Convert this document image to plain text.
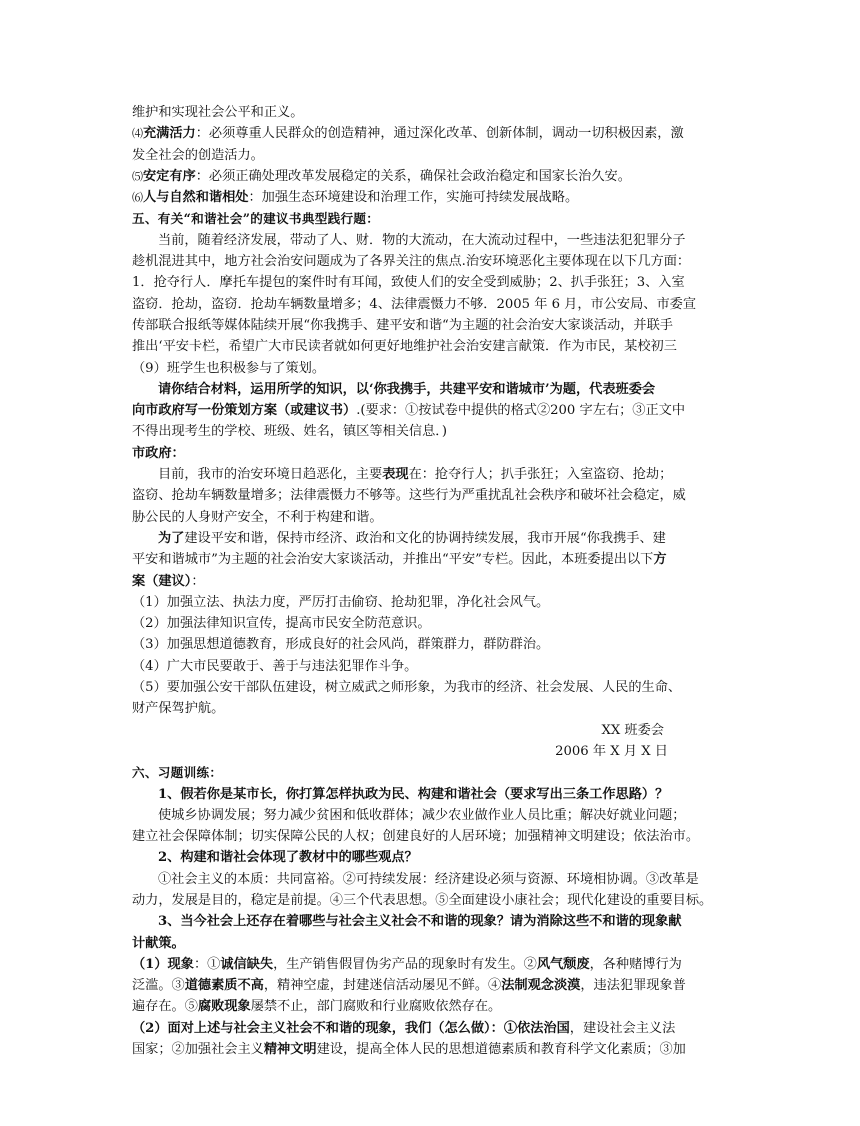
维护和实现社会公平和正义。
⑷充满活力：必须尊重人民群众的创造精神，通过深化改革、创新体制，调动一切积极因素，激
发全社会的创造活力。
⑸安定有序：必须正确处理改革发展稳定的关系，确保社会政治稳定和国家长治久安。
⑹人与自然和谐相处：加强生态环境建设和治理工作，实施可持续发展战略。
五、有关“和谐社会”的建议书典型践行题：
当前，随着经济发展，带动了人、财．物的大流动，在大流动过程中，一些违法犯犯罪分子
趁机混进其中，地方社会治安问题成为了各界关注的焦点.治安环境恶化主要体现在以下几方面：
1．抢夺行人．摩托车提包的案件时有耳闻，致使人们的安全受到威胁；2、扒手张狂；3、入室
盗窃．抢劫，盗窃．抢劫车辆数量增多；4、法律震慑力不够．2005 年 6 月，市公安局、市委宣
传部联合报纸等媒体陆续开展“你我携手、建平安和谐“为主题的社会治安大家谈活动，并联手
推出‘平安卡栏，希望广大市民读者就如何更好地维护社会治安建言献策．作为市民，某校初三
（9）班学生也积极参与了策划。
请你结合材料，运用所学的知识，以‘你我携手，共建平安和谐城市’为题，代表班委会
向市政府写一份策划方案（或建议书）.(要求：①按试卷中提供的格式②200 字左右；③正文中
不得出现考生的学校、班级、姓名，镇区等相关信息．)
市政府：
目前，我市的治安环境日趋恶化，主要表现在：抢夺行人；扒手张狂；入室盗窃、抢劫；
盗窃、抢劫车辆数量增多；法律震慑力不够等。这些行为严重扰乱社会秩序和破坏社会稳定，威
胁公民的人身财产安全，不利于构建和谐。
为了建设平安和谐，保持市经济、政治和文化的协调持续发展，我市开展“你我携手、建
平安和谐城市”为主题的社会治安大家谈活动，并推出“平安”专栏。因此，本班委提出以下方
案（建议）：
（1）加强立法、执法力度，严厉打击偷窃、抢劫犯罪，净化社会风气。
（2）加强法律知识宣传，提高市民安全防范意识。
（3）加强思想道德教育，形成良好的社会风尚，群策群力，群防群治。
（4）广大市民要敢于、善于与违法犯罪作斗争。
（5）要加强公安干部队伍建设，树立威武之师形象，为我市的经济、社会发展、人民的生命、
财产保驾护航。
XX 班委会
2006 年 X 月 X 日
六、习题训练：
1、假若你是某市长，你打算怎样执政为民、构建和谐社会（要求写出三条工作思路）？
使城乡协调发展；努力减少贫困和低收群体；减少农业做作业人员比重；解决好就业问题；
建立社会保障体制；切实保障公民的人权；创建良好的人居环境；加强精神文明建设；依法治市。
2、构建和谐社会体现了教材中的哪些观点？
①社会主义的本质：共同富裕。②可持续发展：经济建设必须与资源、环境相协调。③改革是
动力，发展是目的，稳定是前提。④三个代表思想。⑤全面建设小康社会；现代化建设的重要目标。
3、当今社会上还存在着哪些与社会主义社会不和谐的现象？请为消除这些不和谐的现象献
计献策。
（1）现象：①诚信缺失，生产销售假冒伪劣产品的现象时有发生。②风气颓废，各种赌博行为
泛滥。③道德素质不高，精神空虚，封建迷信活动屡见不鲜。④法制观念淡漠，违法犯罪现象普
遍存在。⑤腐败现象屡禁不止，部门腐败和行业腐败依然存在。
（2）面对上述与社会主义社会不和谐的现象，我们（怎么做）：①依法治国，建设社会主义法
国家；②加强社会主义精神文明建设，提高全体人民的思想道德素质和教育科学文化素质；③加
